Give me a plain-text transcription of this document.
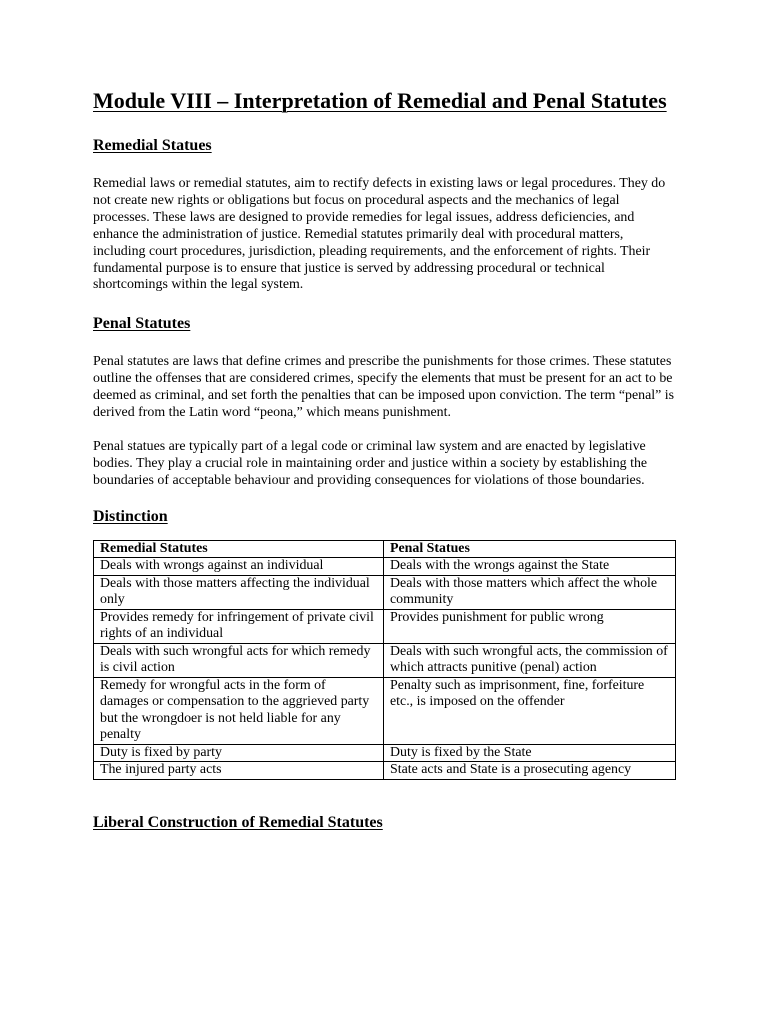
Module VIII – Interpretation of Remedial and Penal Statutes
Remedial Statues

Remedial laws or remedial statutes, aim to rectify defects in existing laws or legal procedures. They do not create new rights or obligations but focus on procedural aspects and the mechanics of legal processes. These laws are designed to provide remedies for legal issues, address deficiencies, and enhance the administration of justice. Remedial statutes primarily deal with procedural matters, including court procedures, jurisdiction, pleading requirements, and the enforcement of rights. Their fundamental purpose is to ensure that justice is served by addressing procedural or technical shortcomings within the legal system.

Penal Statutes

Penal statutes are laws that define crimes and prescribe the punishments for those crimes. These statutes outline the offenses that are considered crimes, specify the elements that must be present for an act to be deemed as criminal, and set forth the penalties that can be imposed upon conviction. The term “penal” is derived from the Latin word “peona,” which means punishment.

Penal statues are typically part of a legal code or criminal law system and are enacted by legislative bodies. They play a crucial role in maintaining order and justice within a society by establishing the boundaries of acceptable behaviour and providing consequences for violations of those boundaries.

Distinction
Remedial Statutes	Penal Statues
Deals with wrongs against an individual	Deals with the wrongs against the State
Deals with those matters affecting the individual only	Deals with those matters which affect the whole community
Provides remedy for infringement of private civil rights of an individual	Provides punishment for public wrong
Deals with such wrongful acts for which remedy is civil action	Deals with such wrongful acts, the commission of which attracts punitive (penal) action
Remedy for wrongful acts in the form of damages or compensation to the aggrieved party but the wrongdoer is not held liable for any penalty	Penalty such as imprisonment, fine, forfeiture etc., is imposed on the offender
Duty is fixed by party	Duty is fixed by the State
The injured party acts	State acts and State is a prosecuting agency
Liberal Construction of Remedial Statutes
